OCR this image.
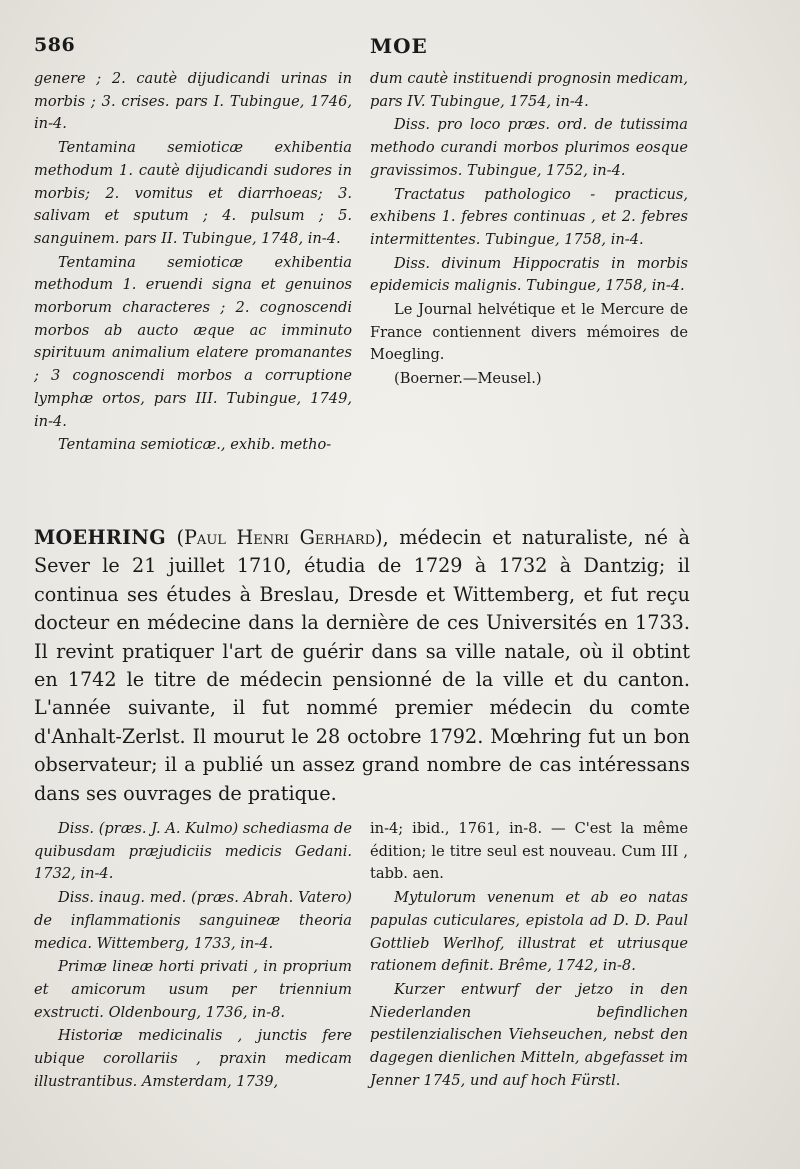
586	MOE

genere ; 2. cautè dijudicandi urinas in morbis ; 3. crises. pars I. Tubingue, 1746, in-4.

Tentamina semioticæ exhibentia methodum 1. cautè dijudicandi sudores in morbis; 2. vomitus et diarrhoeas; 3. salivam et sputum ; 4. pulsum ; 5. sanguinem. pars II. Tubingue, 1748, in-4.

Tentamina semioticæ exhibentia methodum 1. eruendi signa et genuinos morborum characteres ; 2. cognoscendi morbos ab aucto æque ac imminuto spirituum animalium elatere promanantes ; 3 cognoscendi morbos a corruptione lymphæ ortos, pars III. Tubingue, 1749, in-4.

Tentamina semioticæ., exhib. metho-

dum cautè instituendi prognosin medicam, pars IV. Tubingue, 1754, in-4.

Diss. pro loco præs. ord. de tutissima methodo curandi morbos plurimos eosque gravissimos. Tubingue, 1752, in-4.

Tractatus pathologico - practicus, exhibens 1. febres continuas , et 2. febres intermittentes. Tubingue, 1758, in-4.

Diss. divinum Hippocratis in morbis epidemicis malignis. Tubingue, 1758, in-4.

Le Journal helvétique et le Mercure de France contiennent divers mémoires de Moegling.

(Boerner.—Meusel.)

MOEHRING (Paul Henri Gerhard), médecin et naturaliste, né à Sever le 21 juillet 1710, étudia de 1729 à 1732 à Dantzig; il continua ses études à Breslau, Dresde et Wittemberg, et fut reçu docteur en médecine dans la dernière de ces Universités en 1733. Il revint pratiquer l'art de guérir dans sa ville natale, où il obtint en 1742 le titre de médecin pensionné de la ville et du canton. L'année suivante, il fut nommé premier médecin du comte d'Anhalt-Zerlst. Il mourut le 28 octobre 1792. Mœhring fut un bon observateur; il a publié un assez grand nombre de cas intéressans dans ses ouvrages de pratique.

Diss. (præs. J. A. Kulmo) schediasma de quibusdam præjudiciis medicis Gedani. 1732, in-4.

Diss. inaug. med. (præs. Abrah. Vatero) de inflammationis sanguineæ theoria medica. Wittemberg, 1733, in-4.

Primæ lineæ horti privati , in proprium et amicorum usum per triennium exstructi. Oldenbourg, 1736, in-8.

Historiæ medicinalis , junctis fere ubique corollariis , praxin medicam illustrantibus. Amsterdam, 1739,

in-4; ibid., 1761, in-8. — C'est la même édition; le titre seul est nouveau. Cum III , tabb. aen.

Mytulorum venenum et ab eo natas papulas cuticulares, epistola ad D. D. Paul Gottlieb Werlhof, illustrat et utriusque rationem definit. Brême, 1742, in-8.

Kurzer entwurf der jetzo in den Niederlanden befindlichen pestilenzialischen Viehseuchen, nebst den dagegen dienlichen Mitteln, abgefasset im Jenner 1745, und auf hoch Fürstl.
